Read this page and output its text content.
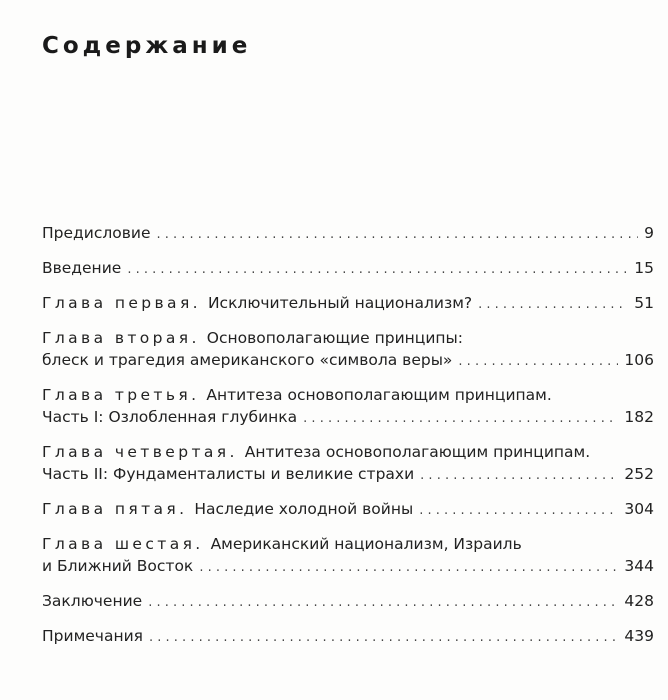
Содержание
Предисловие . . .	9
Введение . . .	15
Глава первая.
Исключительный национализм? . . .	51
Глава вторая.
Основополагающие принципы:
блеск и трагедия американского «символа веры» . . .	106
Глава третья.
Антитеза основополагающим принципам.
Часть I: Озлобленная глубинка . . .	182
Глава четвертая.
Антитеза основополагающим принципам.
Часть II: Фундаменталисты и великие страхи . . .	252
Глава пятая.
Наследие холодной войны . . .	304
Глава шестая.
Американский национализм, Израиль
и Ближний Восток . . .	344
Заключение . . .	428
Примечания . . .	439
